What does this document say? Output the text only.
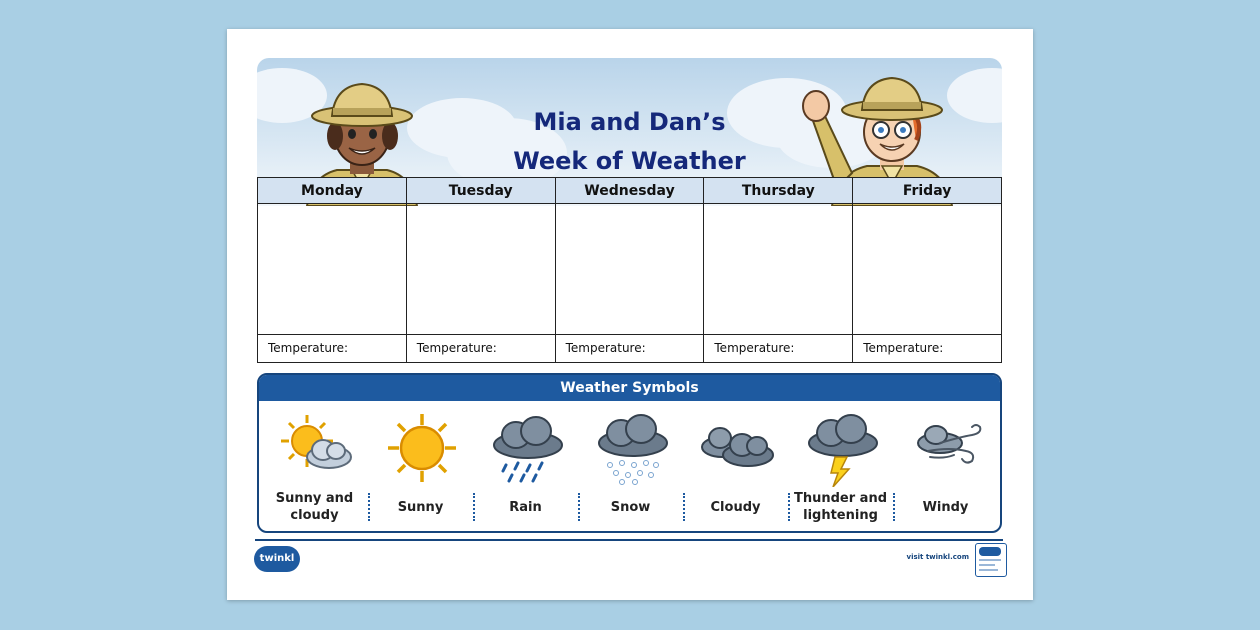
Mia and Dan’s
Week of Weather
Monday	Tuesday	Wednesday	Thursday	Friday

Temperature:	Temperature:	Temperature:	Temperature:	Temperature:
Weather Symbols
Sunny and cloudy
Sunny	Rain	Snow	Cloudy
Thunder and lightening
Windy
twinkl	visit twinkl.com
